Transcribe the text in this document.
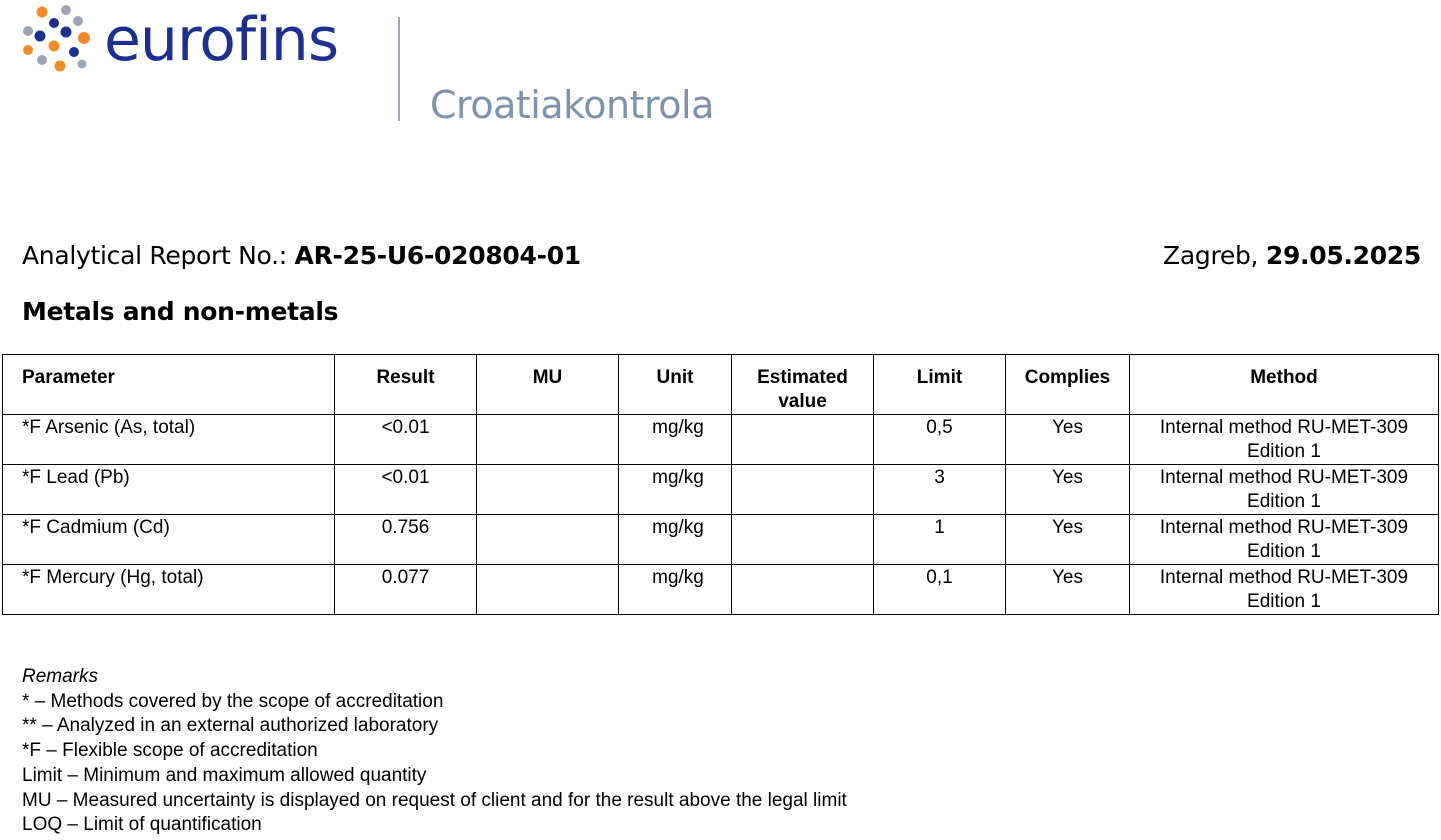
eurofins
Croatiakontrola
Analytical Report No.: AR-25-U6-020804-01	Zagreb, 29.05.2025
Metals and non-metals
Parameter	Result	MU	Unit	Estimated value	Limit	Complies	Method
*F Arsenic (As, total)	<0.01		mg/kg		0,5	Yes	Internal method RU-MET-309 Edition 1
*F Lead (Pb)	<0.01		mg/kg		3	Yes	Internal method RU-MET-309 Edition 1
*F Cadmium (Cd)	0.756		mg/kg		1	Yes	Internal method RU-MET-309 Edition 1
*F Mercury (Hg, total)	0.077		mg/kg		0,1	Yes	Internal method RU-MET-309 Edition 1
Remarks
* – Methods covered by the scope of accreditation
** – Analyzed in an external authorized laboratory
*F – Flexible scope of accreditation
Limit – Minimum and maximum allowed quantity
MU – Measured uncertainty is displayed on request of client and for the result above the legal limit
LOQ – Limit of quantification
